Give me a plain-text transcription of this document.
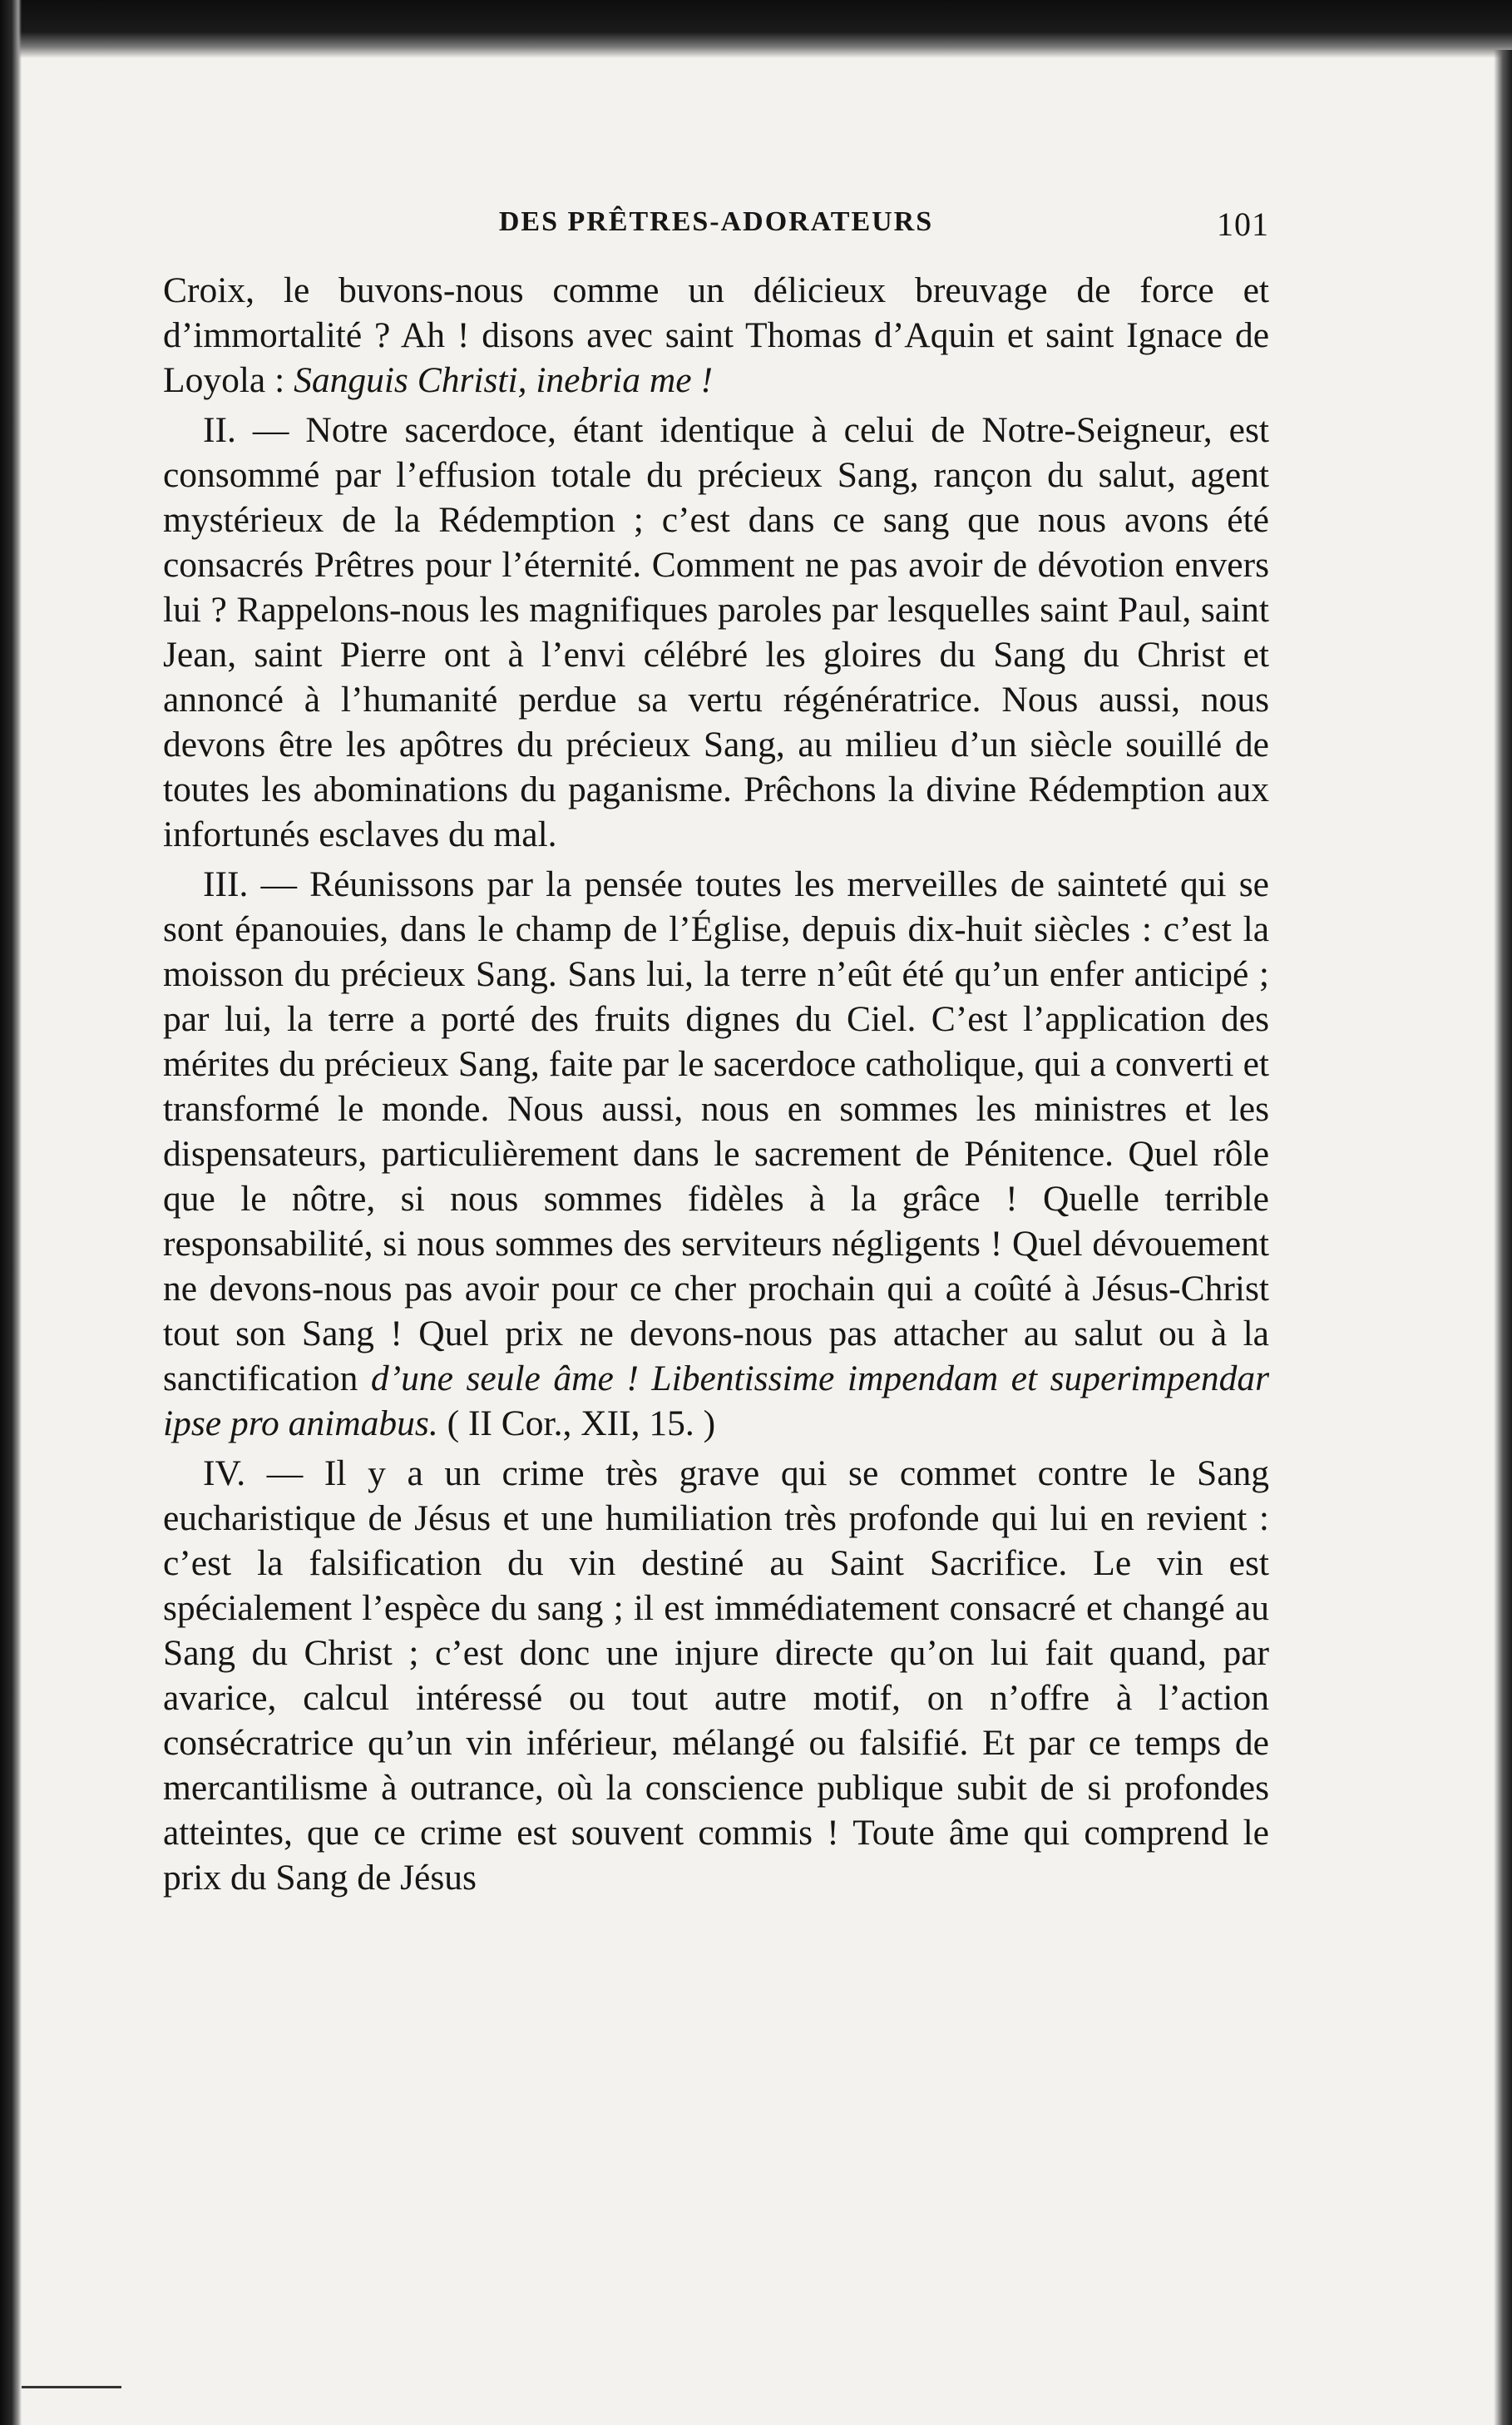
DES PRÊTRES-ADORATEURS	101

Croix, le buvons-nous comme un délicieux breuvage de force et d’immortalité ? Ah ! disons avec saint Thomas d’Aquin et saint Ignace de Loyola : Sanguis Christi, inebria me !

II. — Notre sacerdoce, étant identique à celui de Notre-Seigneur, est consommé par l’effusion totale du précieux Sang, rançon du salut, agent mystérieux de la Rédemption ; c’est dans ce sang que nous avons été consacrés Prêtres pour l’éternité. Comment ne pas avoir de dévotion envers lui ? Rappelons-nous les magnifiques paroles par lesquelles saint Paul, saint Jean, saint Pierre ont à l’envi célébré les gloires du Sang du Christ et annoncé à l’humanité perdue sa vertu régénératrice. Nous aussi, nous devons être les apôtres du précieux Sang, au milieu d’un siècle souillé de toutes les abominations du paganisme. Prêchons la divine Rédemption aux infortunés esclaves du mal.

III. — Réunissons par la pensée toutes les merveilles de sainteté qui se sont épanouies, dans le champ de l’Église, depuis dix-huit siècles : c’est la moisson du précieux Sang. Sans lui, la terre n’eût été qu’un enfer anticipé ; par lui, la terre a porté des fruits dignes du Ciel. C’est l’application des mérites du précieux Sang, faite par le sacerdoce catholique, qui a converti et transformé le monde. Nous aussi, nous en sommes les ministres et les dispensateurs, particulièrement dans le sacrement de Pénitence. Quel rôle que le nôtre, si nous sommes fidèles à la grâce ! Quelle terrible responsabilité, si nous sommes des serviteurs négligents ! Quel dévouement ne devons-nous pas avoir pour ce cher prochain qui a coûté à Jésus-Christ tout son Sang ! Quel prix ne devons-nous pas attacher au salut ou à la sanctification d’une seule âme ! Libentissime impendam et superimpendar ipse pro animabus. ( II Cor., XII, 15. )

IV. — Il y a un crime très grave qui se commet contre le Sang eucharistique de Jésus et une humiliation très profonde qui lui en revient : c’est la falsification du vin destiné au Saint Sacrifice. Le vin est spécialement l’espèce du sang ; il est immédiatement consacré et changé au Sang du Christ ; c’est donc une injure directe qu’on lui fait quand, par avarice, calcul intéressé ou tout autre motif, on n’offre à l’action consécratrice qu’un vin inférieur, mélangé ou falsifié. Et par ce temps de mercantilisme à outrance, où la conscience publique subit de si profondes atteintes, que ce crime est souvent commis ! Toute âme qui comprend le prix du Sang de Jésus
